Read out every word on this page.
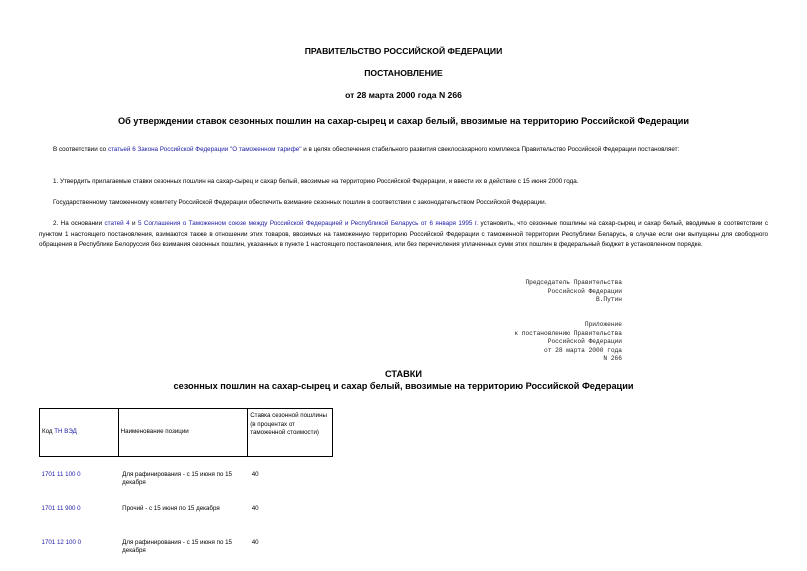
ПРАВИТЕЛЬСТВО РОССИЙСКОЙ ФЕДЕРАЦИИ
ПОСТАНОВЛЕНИЕ
от 28 марта 2000 года N 266
Об утверждении ставок сезонных пошлин на сахар-сырец и сахар белый, ввозимые на территорию Российской Федерации

В соответствии со статьей 6 Закона Российской Федерации "О таможенном тарифе" и в целях обеспечения стабильного развития свеклосахарного комплекса Правительство Российской Федерации постановляет:

1. Утвердить прилагаемые ставки сезонных пошлин на сахар-сырец и сахар белый, ввозимые на территорию Российской Федерации, и ввести их в действие с 15 июня 2000 года.

Государственному таможенному комитету Российской Федерации обеспечить взимание сезонных пошлин в соответствии с законодательством Российской Федерации.

2. На основании статей 4 и 5 Соглашения о Таможенном союзе между Российской Федерацией и Республикой Беларусь от 6 января 1995 г. установить, что сезонные пошлины на сахар-сырец и сахар белый, вводимые в соответствии с пунктом 1 настоящего постановления, взимаются также в отношении этих товаров, ввозимых на таможенную территорию Российской Федерации с таможенной территории Республики Беларусь, в случае если они выпущены для свободного обращения в Республике Белоруссия без взимания сезонных пошлин, указанных в пункте 1 настоящего постановления, или без перечисления уплаченных сумм этих пошлин в федеральный бюджет в установленном порядке.

Председатель Правительства
Российской Федерации
В.Путин
Приложение
к постановлению Правительства
Российской Федерации
от 28 марта 2000 года
N 266
СТАВКИ
сезонных пошлин на сахар-сырец и сахар белый, ввозимые на территорию Российской Федерации
Код ТН ВЭД	Наименование позиции	Ставка сезонной пошлины (в процентах от таможенной стоимости)

1701 11 100 0	Для рафинирования - с 15 июня по 15 декабря	40

1701 11 900 0	Прочий - с 15 июня по 15 декабря	40

1701 12 100 0	Для рафинирования - с 15 июня по 15 декабря	40
